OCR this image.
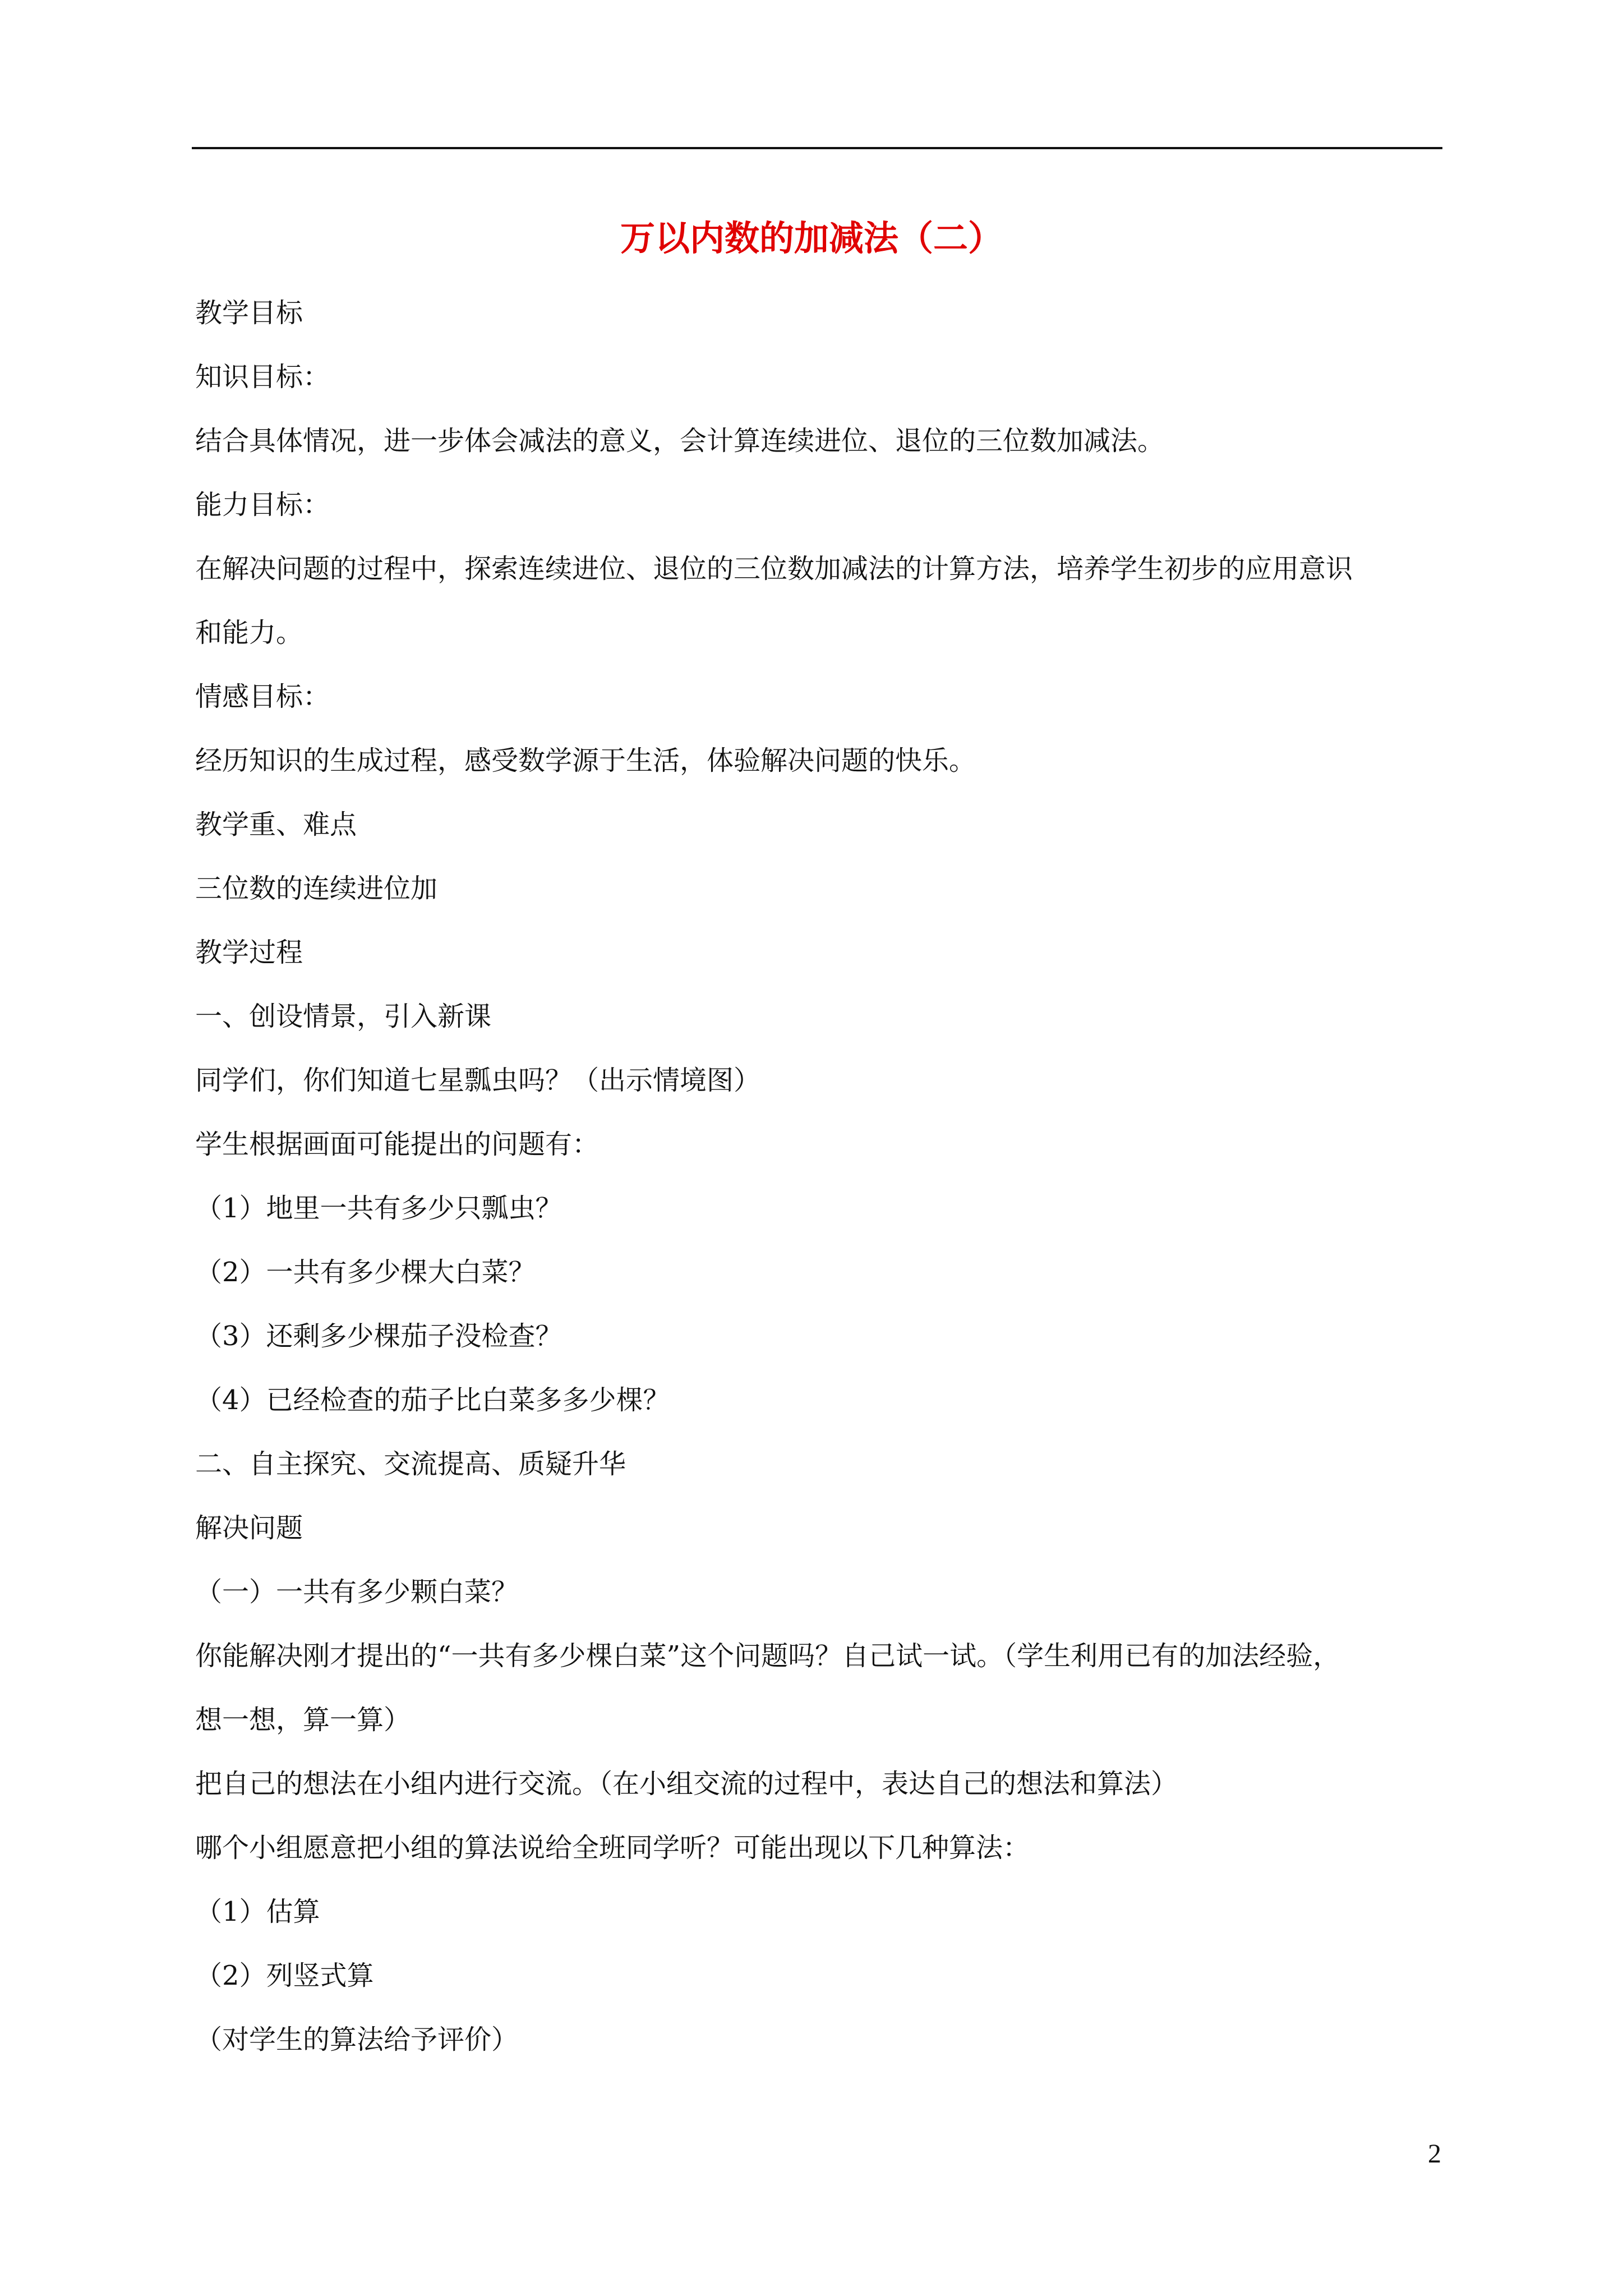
万以内数的加减法（二）
教学目标
知识目标：
结合具体情况，进一步体会减法的意义，会计算连续进位、退位的三位数加减法。
能力目标：
在解决问题的过程中，探索连续进位、退位的三位数加减法的计算方法，培养学生初步的应用意识
和能力。
情感目标：
经历知识的生成过程，感受数学源于生活，体验解决问题的快乐。
教学重、难点
三位数的连续进位加
教学过程
一、创设情景，引入新课
同学们，你们知道七星瓢虫吗？（出示情境图）
学生根据画面可能提出的问题有：
（1）地里一共有多少只瓢虫？
（2）一共有多少棵大白菜？
（3）还剩多少棵茄子没检查？
（4）已经检查的茄子比白菜多多少棵？
二、自主探究、交流提高、质疑升华
解决问题
（一）一共有多少颗白菜？
你能解决刚才提出的“一共有多少棵白菜”这个问题吗？自己试一试。（学生利用已有的加法经验，
想一想，算一算）
把自己的想法在小组内进行交流。（在小组交流的过程中，表达自己的想法和算法）
哪个小组愿意把小组的算法说给全班同学听？可能出现以下几种算法：
（1）估算
（2）列竖式算
（对学生的算法给予评价）
2
